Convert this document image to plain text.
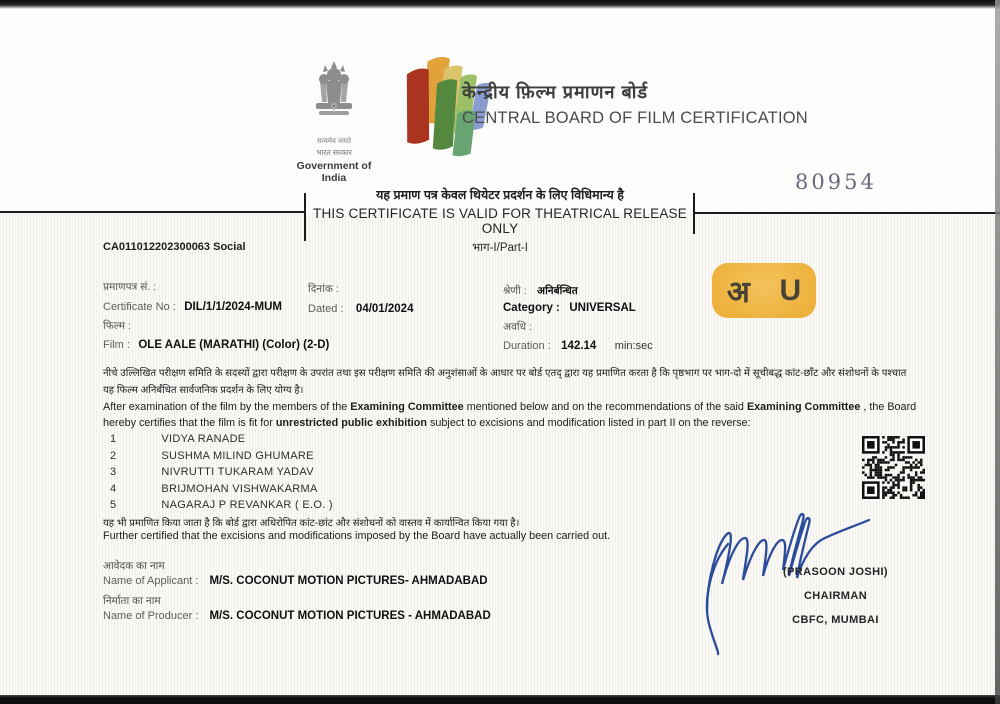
सत्यमेव जयते
भारत सरकार
Government of India
केन्द्रीय फ़िल्म प्रमाणन बोर्ड
CENTRAL BOARD OF FILM CERTIFICATION
80954
यह प्रमाण पत्र केवल थियेटर प्रदर्शन के लिए विधिमान्य है
THIS CERTIFICATE IS VALID FOR THEATRICAL RELEASE ONLY
भाग-I/Part-I
CA011012202300063 Social
प्रमाणपत्र सं. :
Certificate No : DIL/1/1/2024-MUM
दिनांक :
Dated : 04/01/2024
श्रेणी : अनिर्बन्धित
Category : UNIVERSAL
फिल्म :
Film : OLE AALE (MARATHI) (Color) (2-D)
अवधि :
Duration : 142.14 min:sec
अ U
नीचे उल्लिखित परीक्षण समिति के सदस्यों द्वारा परीक्षण के उपरांत तथा इस परीक्षण समिति की अनुशंसाओं के आधार पर बोर्ड एतद् द्वारा यह प्रमाणित करता है कि पृष्ठभाग पर भाग-दो में सूचीबद्ध कांट-छाँट और संशोधनों के पश्चात
यह फिल्म अनिर्बंधित सार्वजनिक प्रदर्शन के लिए योग्य है।
After examination of the film by the members of the Examining Committee mentioned below and on the recommendations of the said Examining Committee , the Board hereby certifies that the film is fit for unrestricted public exhibition subject to excisions and modification listed in part II on the reverse:
1	VIDYA RANADE
2	SUSHMA MILIND GHUMARE
3	NIVRUTTI TUKARAM YADAV
4	BRIJMOHAN VISHWAKARMA
5	NAGARAJ P REVANKAR ( E.O. )
यह भी प्रमाणित किया जाता है कि बोर्ड द्वारा अधिरोपित कांट-छांट और संशोधनों को वास्तव में कार्यान्वित किया गया है।
Further certified that the excisions and modifications imposed by the Board have actually been carried out.
आवेदक का नाम
Name of Applicant : M/S. COCONUT MOTION PICTURES- AHMADABAD
निर्माता का नाम
Name of Producer : M/S. COCONUT MOTION PICTURES - AHMADABAD
(PRASOON JOSHI)
CHAIRMAN
CBFC, MUMBAI
